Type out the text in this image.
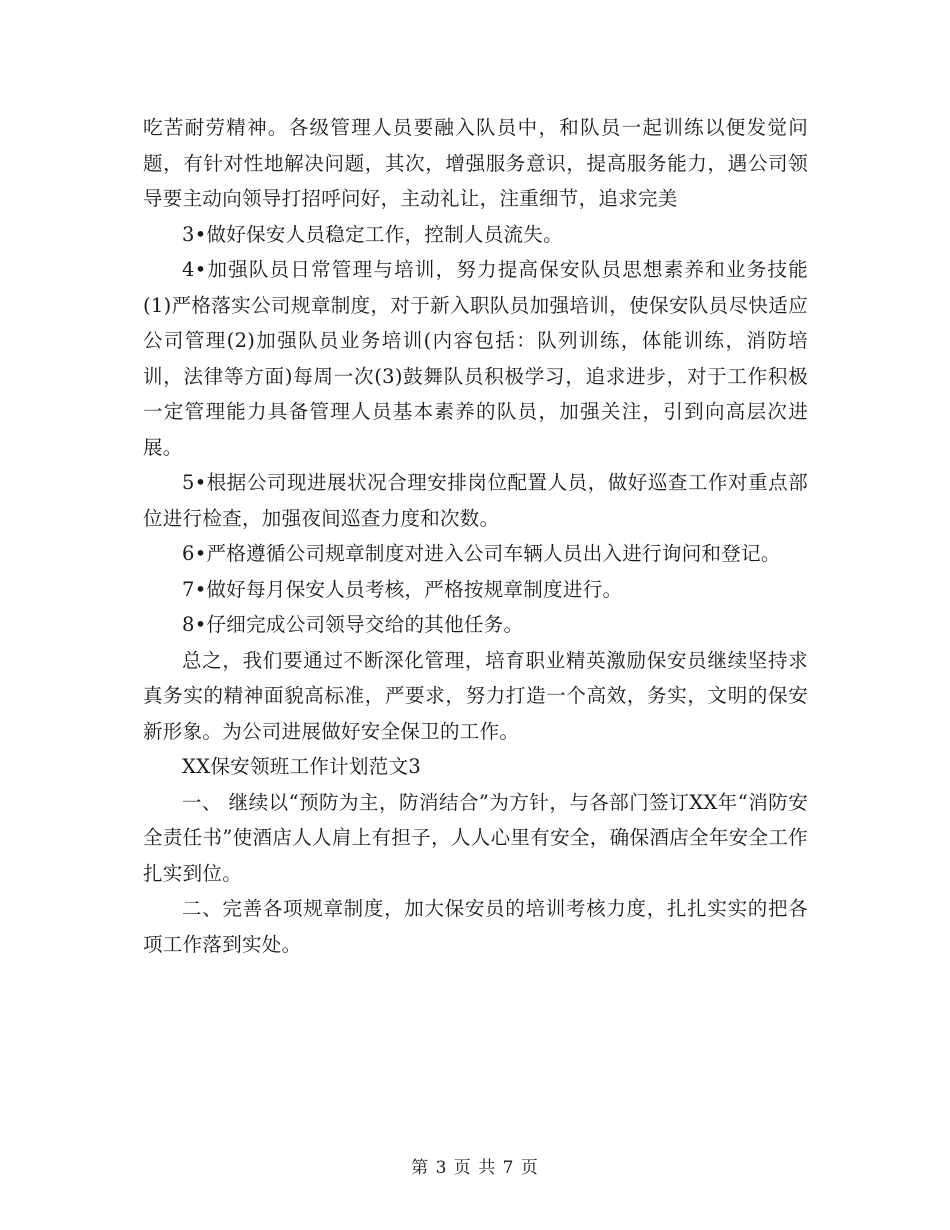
吃苦耐劳精神。各级管理人员要融入队员中，和队员一起训练以便发觉问题，有针对性地解决问题，其次，增强服务意识，提高服务能力，遇公司领导要主动向领导打招呼问好，主动礼让，注重细节，追求完美

3•做好保安人员稳定工作，控制人员流失。

4•加强队员日常管理与培训，努力提高保安队员思想素养和业务技能(1)严格落实公司规章制度，对于新入职队员加强培训，使保安队员尽快适应公司管理(2)加强队员业务培训(内容包括：队列训练，体能训练，消防培训，法律等方面)每周一次(3)鼓舞队员积极学习，追求进步，对于工作积极一定管理能力具备管理人员基本素养的队员，加强关注，引到向高层次进展。

5•根据公司现进展状况合理安排岗位配置人员，做好巡查工作对重点部位进行检查，加强夜间巡查力度和次数。

6•严格遵循公司规章制度对进入公司车辆人员出入进行询问和登记。

7•做好每月保安人员考核，严格按规章制度进行。

8•仔细完成公司领导交给的其他任务。

总之，我们要通过不断深化管理，培育职业精英激励保安员继续坚持求真务实的精神面貌高标准，严要求，努力打造一个高效，务实，文明的保安新形象。为公司进展做好安全保卫的工作。

XX保安领班工作计划范文3

一、 继续以“预防为主，防消结合”为方针，与各部门签订XX年“消防安全责任书”使酒店人人肩上有担子，人人心里有安全，确保酒店全年安全工作扎实到位。

二、完善各项规章制度，加大保安员的培训考核力度，扎扎实实的把各项工作落到实处。

第 3 页 共 7 页
